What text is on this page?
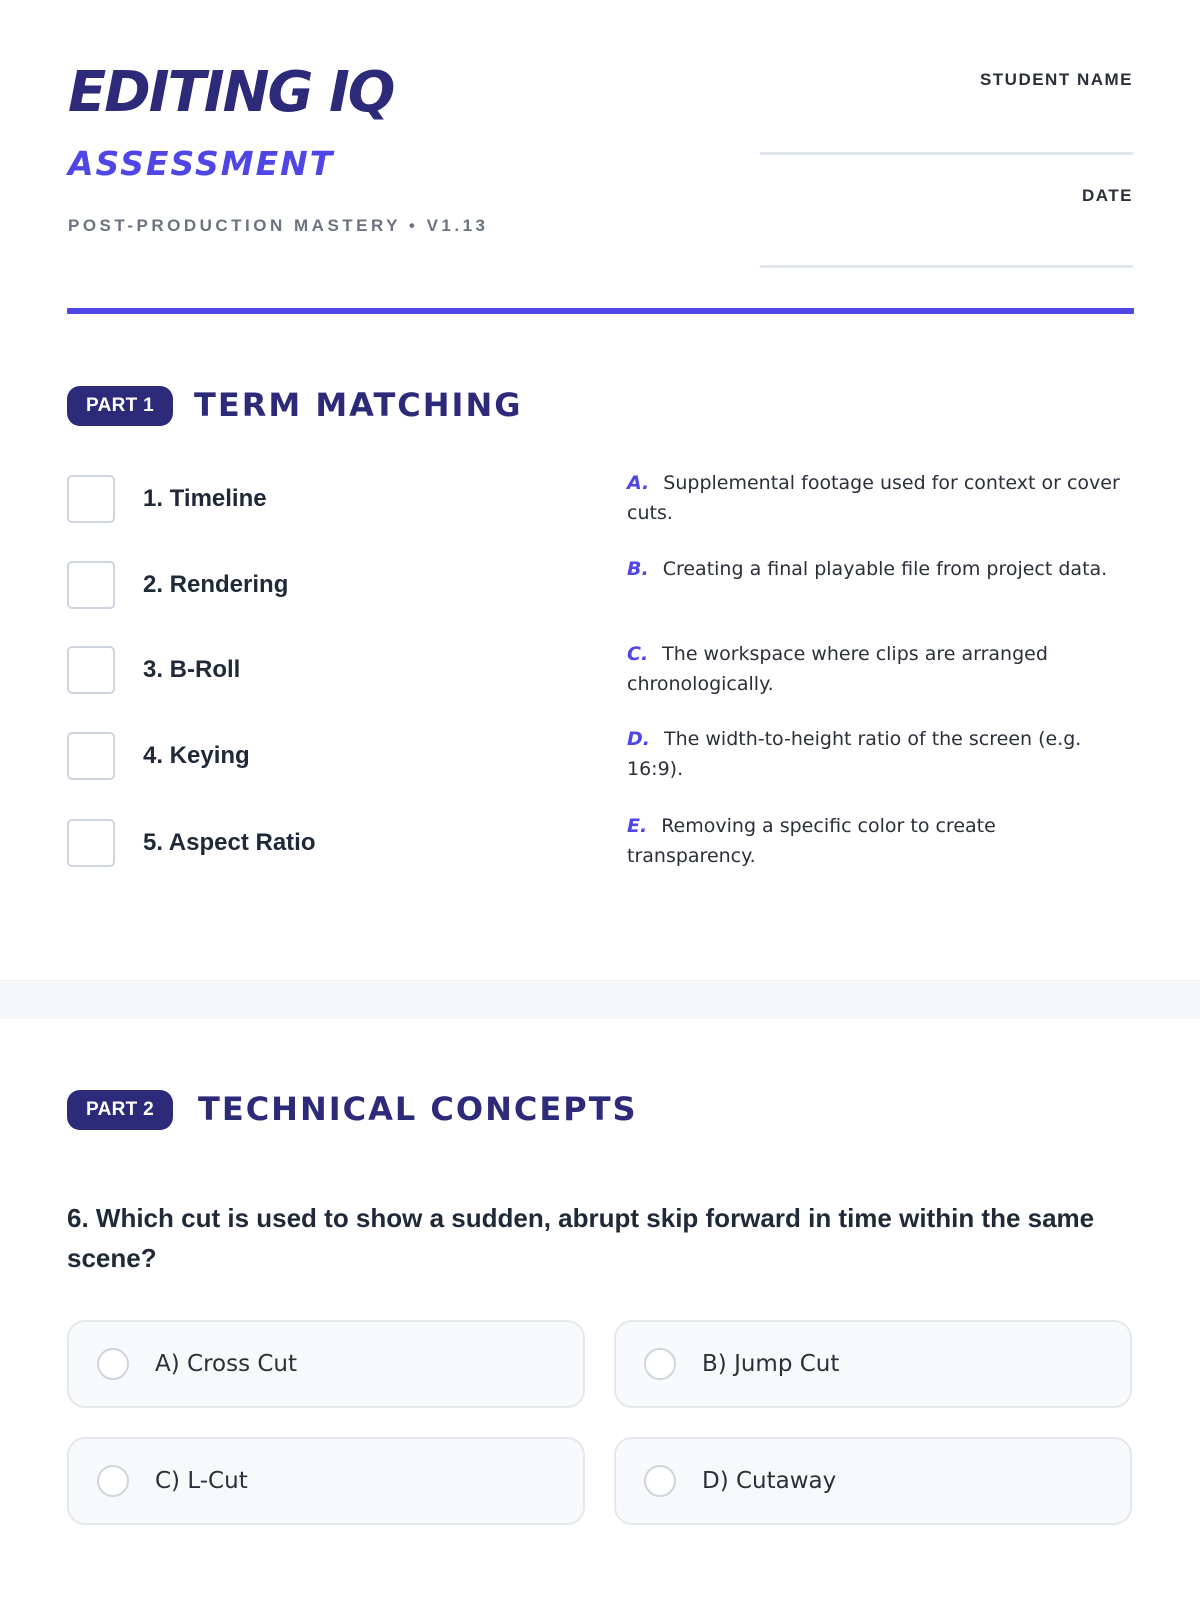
EDITING IQ
ASSESSMENT
POST-PRODUCTION MASTERY • V1.13
STUDENT NAME
DATE
PART 1	TERM MATCHING
1. Timeline
2. Rendering
3. B-Roll
4. Keying
5. Aspect Ratio
A. Supplemental footage used for context or cover cuts.
B. Creating a final playable file from project data.
C. The workspace where clips are arranged chronologically.
D. The width-to-height ratio of the screen (e.g. 16:9).
E. Removing a specific color to create transparency.
PART 2	TECHNICAL CONCEPTS
6. Which cut is used to show a sudden, abrupt skip forward in time within the same scene?
A) Cross Cut	B) Jump Cut
C) L-Cut	D) Cutaway
